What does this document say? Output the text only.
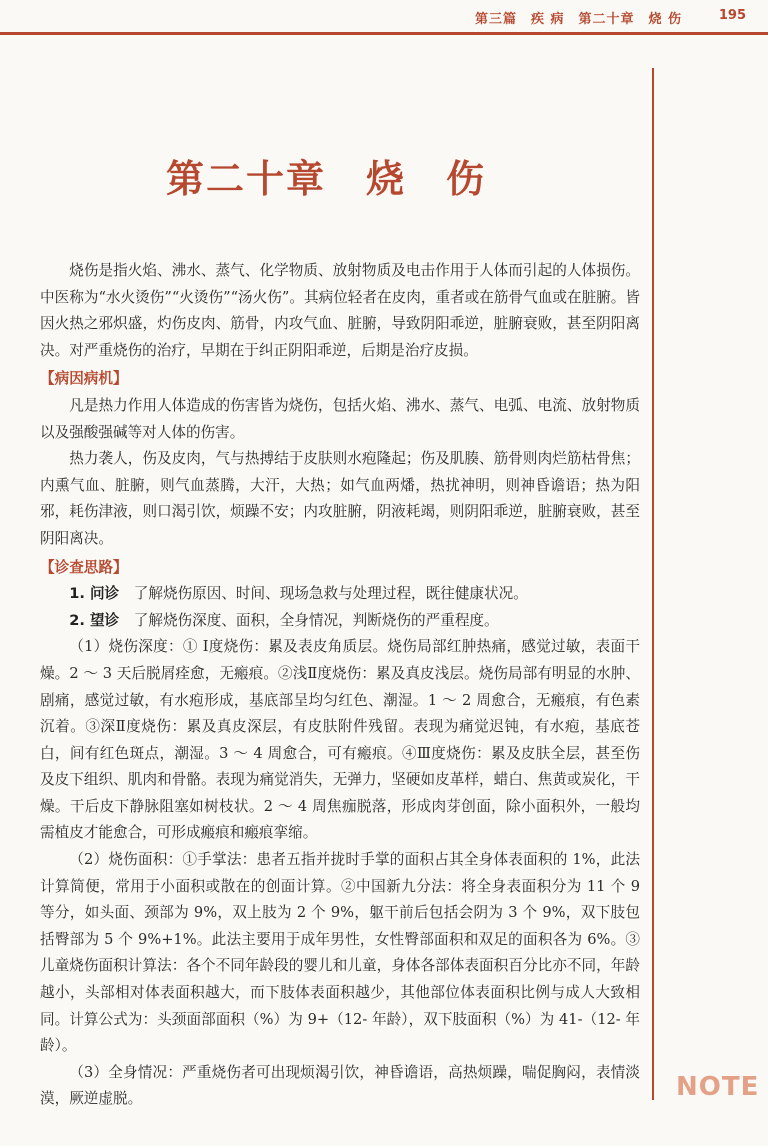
第三篇　疾 病　第二十章　烧 伤	195
第二十章　烧　伤

烧伤是指火焰、沸水、蒸气、化学物质、放射物质及电击作用于人体而引起的人体损伤。中医称为“水火烫伤”“火烫伤”“汤火伤”。其病位轻者在皮肉，重者或在筋骨气血或在脏腑。皆因火热之邪炽盛，灼伤皮肉、筋骨，内攻气血、脏腑，导致阴阳乖逆，脏腑衰败，甚至阴阳离决。对严重烧伤的治疗，早期在于纠正阴阳乖逆，后期是治疗皮损。

【病因病机】

凡是热力作用人体造成的伤害皆为烧伤，包括火焰、沸水、蒸气、电弧、电流、放射物质以及强酸强碱等对人体的伤害。

热力袭人，伤及皮肉，气与热搏结于皮肤则水疱隆起；伤及肌腠、筋骨则肉烂筋枯骨焦；内熏气血、脏腑，则气血蒸腾，大汗，大热；如气血两燔，热扰神明，则神昏谵语；热为阳邪，耗伤津液，则口渴引饮，烦躁不安；内攻脏腑，阴液耗竭，则阴阳乖逆，脏腑衰败，甚至阴阳离决。

【诊查思路】

1. 问诊　 了解烧伤原因、时间、现场急救与处理过程，既往健康状况。

2. 望诊　 了解烧伤深度、面积，全身情况，判断烧伤的严重程度。

（1）烧伤深度：① Ⅰ度烧伤：累及表皮角质层。烧伤局部红肿热痛，感觉过敏，表面干燥。2 ～ 3 天后脱屑痊愈，无瘢痕。②浅Ⅱ度烧伤：累及真皮浅层。烧伤局部有明显的水肿、剧痛，感觉过敏，有水疱形成，基底部呈均匀红色、潮湿。1 ～ 2 周愈合，无瘢痕，有色素沉着。③深Ⅱ度烧伤：累及真皮深层，有皮肤附件残留。表现为痛觉迟钝，有水疱，基底苍白，间有红色斑点，潮湿。3 ～ 4 周愈合，可有瘢痕。④Ⅲ度烧伤：累及皮肤全层，甚至伤及皮下组织、肌肉和骨骼。表现为痛觉消失，无弹力，坚硬如皮革样，蜡白、焦黄或炭化，干燥。干后皮下静脉阻塞如树枝状。2 ～ 4 周焦痂脱落，形成肉芽创面，除小面积外，一般均需植皮才能愈合，可形成瘢痕和瘢痕挛缩。

（2）烧伤面积：①手掌法：患者五指并拢时手掌的面积占其全身体表面积的 1%，此法计算简便，常用于小面积或散在的创面计算。②中国新九分法：将全身表面积分为 11 个 9 等分，如头面、颈部为 9%，双上肢为 2 个 9%，躯干前后包括会阴为 3 个 9%，双下肢包括臀部为 5 个 9%+1%。此法主要用于成年男性，女性臀部面积和双足的面积各为 6%。③儿童烧伤面积计算法：各个不同年龄段的婴儿和儿童，身体各部体表面积百分比亦不同，年龄越小，头部相对体表面积越大，而下肢体表面积越少，其他部位体表面积比例与成人大致相同。计算公式为：头颈面部面积（%）为 9+（12- 年龄），双下肢面积（%）为 41-（12- 年龄）。

（3）全身情况：严重烧伤者可出现烦渴引饮，神昏谵语，高热烦躁，喘促胸闷，表情淡漠，厥逆虚脱。	NOTE
